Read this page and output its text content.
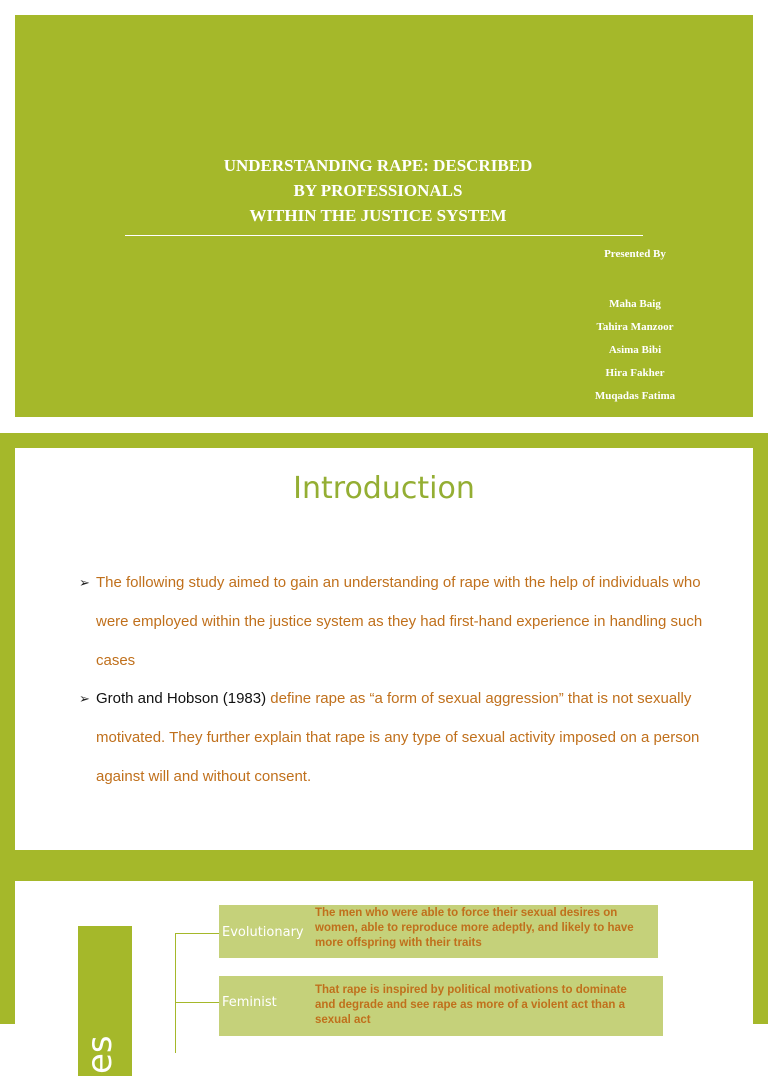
UNDERSTANDING RAPE: DESCRIBED
BY PROFESSIONALS
WITHIN THE JUSTICE SYSTEM
Presented By
Maha Baig
Tahira Manzoor
Asima Bibi
Hira Fakher
Muqadas Fatima
Introduction
➢ The following study aimed to gain an understanding of rape with the help of individuals who were employed within the justice system as they had first-hand experience in handling such cases
➢ Groth and Hobson (1983) define rape as “a form of sexual aggression” that is not sexually motivated. They further explain that rape is any type of sexual activity imposed on a person against will and without consent.
es
Evolutionary
The men who were able to force their sexual desires on women, able to reproduce more adeptly, and likely to have more offspring with their traits
Feminist
That rape is inspired by political motivations to dominate and degrade and see rape as more of a violent act than a sexual act
